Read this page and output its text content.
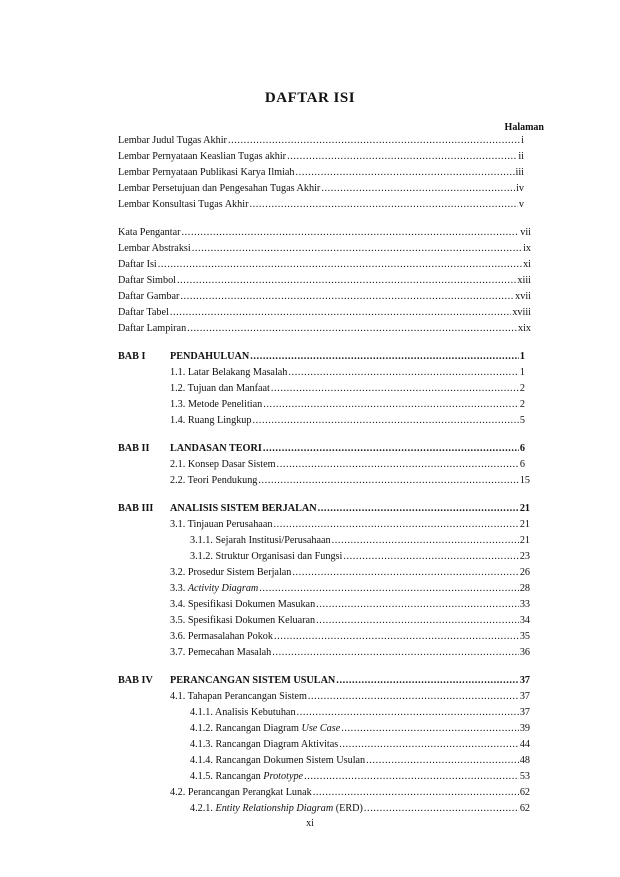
DAFTAR ISI
Halaman
Lembar Judul Tugas Akhir .....	i
Lembar Pernyataan Keaslian Tugas akhir .....	ii
Lembar Pernyataan Publikasi Karya Ilmiah .....	iii
Lembar Persetujuan dan Pengesahan Tugas Akhir .....	iv
Lembar Konsultasi Tugas Akhir .....	v
Kata Pengantar .....	vii
Lembar Abstraksi .....	ix
Daftar Isi .....	xi
Daftar Simbol .....	xiii
Daftar Gambar .....	xvii
Daftar Tabel .....	xviii
Daftar Lampiran .....	xix
BAB I PENDAHULUAN .....	1
1.1. Latar Belakang Masalah .....	1
1.2. Tujuan dan Manfaat .....	2
1.3. Metode Penelitian .....	2
1.4. Ruang Lingkup .....	5
BAB II LANDASAN TEORI .....	6
2.1. Konsep Dasar Sistem .....	6
2.2. Teori Pendukung .....	15
BAB III ANALISIS SISTEM BERJALAN .....	21
3.1. Tinjauan Perusahaan .....	21
3.1.1. Sejarah Institusi/Perusahaan .....	21
3.1.2. Struktur Organisasi dan Fungsi .....	23
3.2. Prosedur Sistem Berjalan .....	26
3.3. Activity Diagram .....	28
3.4. Spesifikasi Dokumen Masukan .....	33
3.5. Spesifikasi Dokumen Keluaran .....	34
3.6. Permasalahan Pokok .....	35
3.7. Pemecahan Masalah .....	36
BAB IV PERANCANGAN SISTEM USULAN .....	37
4.1. Tahapan Perancangan Sistem .....	37
4.1.1. Analisis Kebutuhan .....	37
4.1.2. Rancangan Diagram Use Case .....	39
4.1.3. Rancangan Diagram Aktivitas .....	44
4.1.4. Rancangan Dokumen Sistem Usulan .....	48
4.1.5. Rancangan Prototype .....	53
4.2. Perancangan Perangkat Lunak .....	62
4.2.1. Entity Relationship Diagram (ERD) .....	62
xi
